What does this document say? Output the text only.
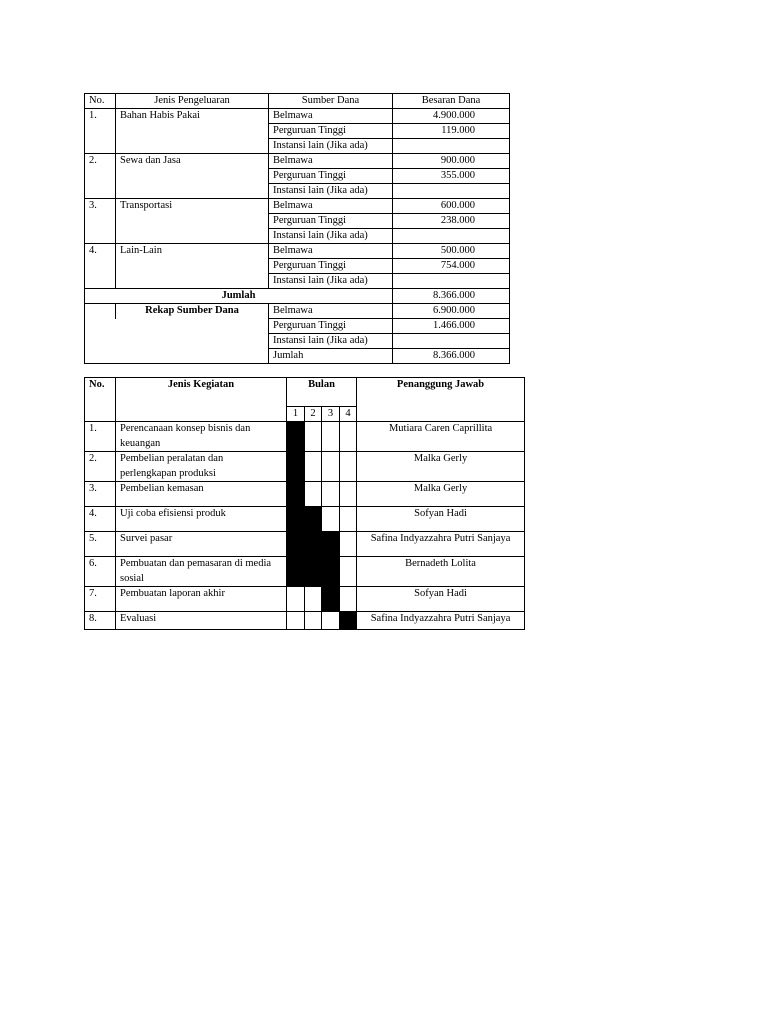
No.	Jenis Pengeluaran	Sumber Dana	Besaran Dana
1.	Bahan Habis Pakai	Belmawa	4.900.000
		Perguruan Tinggi	119.000
		Instansi lain (Jika ada)	
2.	Sewa dan Jasa	Belmawa	900.000
		Perguruan Tinggi	355.000
		Instansi lain (Jika ada)	
3.	Transportasi	Belmawa	600.000
		Perguruan Tinggi	238.000
		Instansi lain (Jika ada)	
4.	Lain-Lain	Belmawa	500.000
		Perguruan Tinggi	754.000
		Instansi lain (Jika ada)	
Jumlah			8.366.000
	Rekap Sumber Dana	Belmawa	6.900.000
		Perguruan Tinggi	1.466.000
		Instansi lain (Jika ada)	
		Jumlah	8.366.000
No.	Jenis Kegiatan	Bulan				Penanggung Jawab
		1	2	3	4	
1.	Perencanaan konsep bisnis dan keuangan					Mutiara Caren Caprillita
2.	Pembelian peralatan dan perlengkapan produksi					Malka Gerly
3.	Pembelian kemasan					Malka Gerly
4.	Uji coba efisiensi produk					Sofyan Hadi
5.	Survei pasar					Safina Indyazzahra Putri Sanjaya
6.	Pembuatan dan pemasaran di media sosial					Bernadeth Lolita
7.	Pembuatan laporan akhir					Sofyan Hadi
8.	Evaluasi					Safina Indyazzahra Putri Sanjaya
